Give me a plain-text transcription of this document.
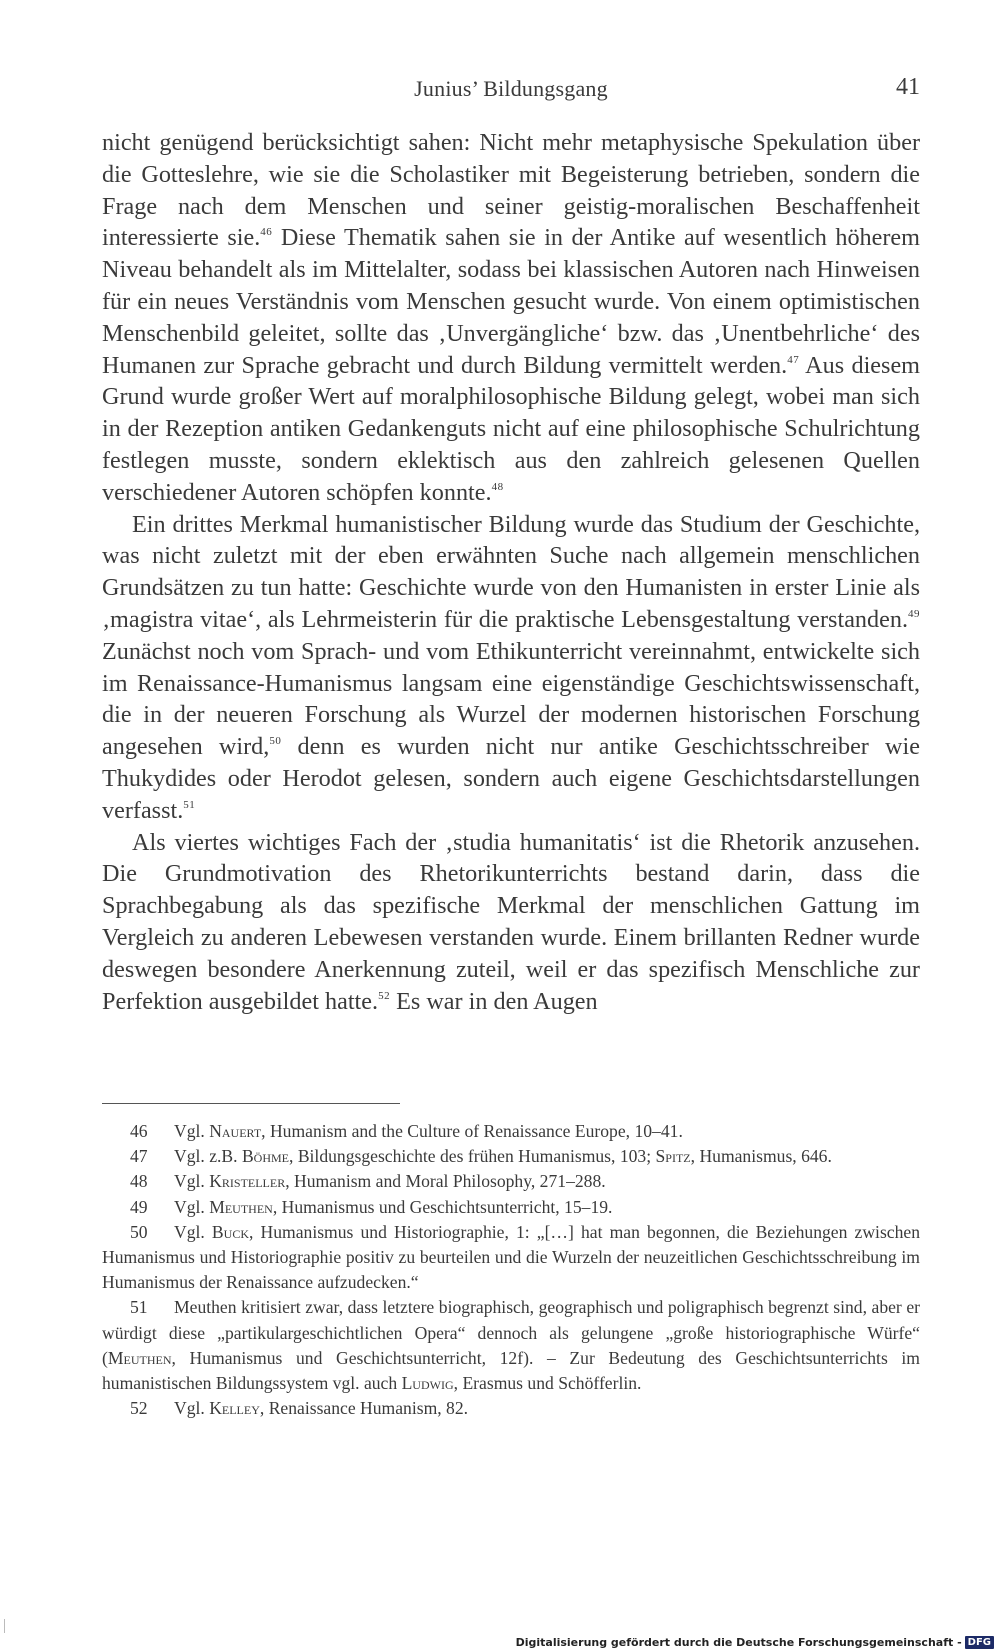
Junius’ Bildungsgang	41

nicht genügend berücksichtigt sahen: Nicht mehr metaphysische Spekulation über die Gotteslehre, wie sie die Scholastiker mit Begeisterung betrieben, sondern die Frage nach dem Menschen und seiner geistig-moralischen Beschaffenheit interessierte sie.$^{46}$ Diese Thematik sahen sie in der Antike auf wesentlich höherem Niveau behandelt als im Mittelalter, sodass bei klassischen Autoren nach Hinweisen für ein neues Verständnis vom Menschen gesucht wurde. Von einem optimistischen Menschenbild geleitet, sollte das ‚Unvergängliche‘ bzw. das ‚Unentbehrliche‘ des Humanen zur Sprache gebracht und durch Bildung vermittelt werden.$^{47}$ Aus diesem Grund wurde großer Wert auf moralphilosophische Bildung gelegt, wobei man sich in der Rezeption antiken Gedankenguts nicht auf eine philosophische Schulrichtung festlegen musste, sondern eklektisch aus den zahlreich gelesenen Quellen verschiedener Autoren schöpfen konnte.$^{48}$

Ein drittes Merkmal humanistischer Bildung wurde das Studium der Geschichte, was nicht zuletzt mit der eben erwähnten Suche nach allgemein menschlichen Grundsätzen zu tun hatte: Geschichte wurde von den Humanisten in erster Linie als ‚magistra vitae‘, als Lehrmeisterin für die praktische Lebensgestaltung verstanden.$^{49}$ Zunächst noch vom Sprach- und vom Ethikunterricht vereinnahmt, entwickelte sich im Renaissance-Humanismus langsam eine eigenständige Geschichtswissenschaft, die in der neueren Forschung als Wurzel der modernen historischen Forschung angesehen wird,$^{50}$ denn es wurden nicht nur antike Geschichtsschreiber wie Thukydides oder Herodot gelesen, sondern auch eigene Geschichtsdarstellungen verfasst.$^{51}$

Als viertes wichtiges Fach der ‚studia humanitatis‘ ist die Rhetorik anzusehen. Die Grundmotivation des Rhetorikunterrichts bestand darin, dass die Sprachbegabung als das spezifische Merkmal der menschlichen Gattung im Vergleich zu anderen Lebewesen verstanden wurde. Einem brillanten Redner wurde deswegen besondere Anerkennung zuteil, weil er das spezifisch Menschliche zur Perfektion ausgebildet hatte.$^{52}$ Es war in den Augen

46 Vgl. Nauert, Humanism and the Culture of Renaissance Europe, 10–41.

47 Vgl. z.B. Böhme, Bildungsgeschichte des frühen Humanismus, 103; Spitz, Humanismus, 646.

48 Vgl. Kristeller, Humanism and Moral Philosophy, 271–288.

49 Vgl. Meuthen, Humanismus und Geschichtsunterricht, 15–19.

50 Vgl. Buck, Humanismus und Historiographie, 1: „[…] hat man begonnen, die Beziehungen zwischen Humanismus und Historiographie positiv zu beurteilen und die Wurzeln der neuzeitlichen Geschichtsschreibung im Humanismus der Renaissance aufzudecken.“

51 Meuthen kritisiert zwar, dass letztere biographisch, geographisch und poligraphisch begrenzt sind, aber er würdigt diese „partikulargeschichtlichen Opera“ dennoch als gelungene „große historiographische Würfe“ (Meuthen, Humanismus und Geschichtsunterricht, 12f). – Zur Bedeutung des Geschichtsunterrichts im humanistischen Bildungssystem vgl. auch Ludwig, Erasmus und Schöfferlin.

52 Vgl. Kelley, Renaissance Humanism, 82.

Digitalisierung gefördert durch die Deutsche Forschungsgemeinschaft - DFG
